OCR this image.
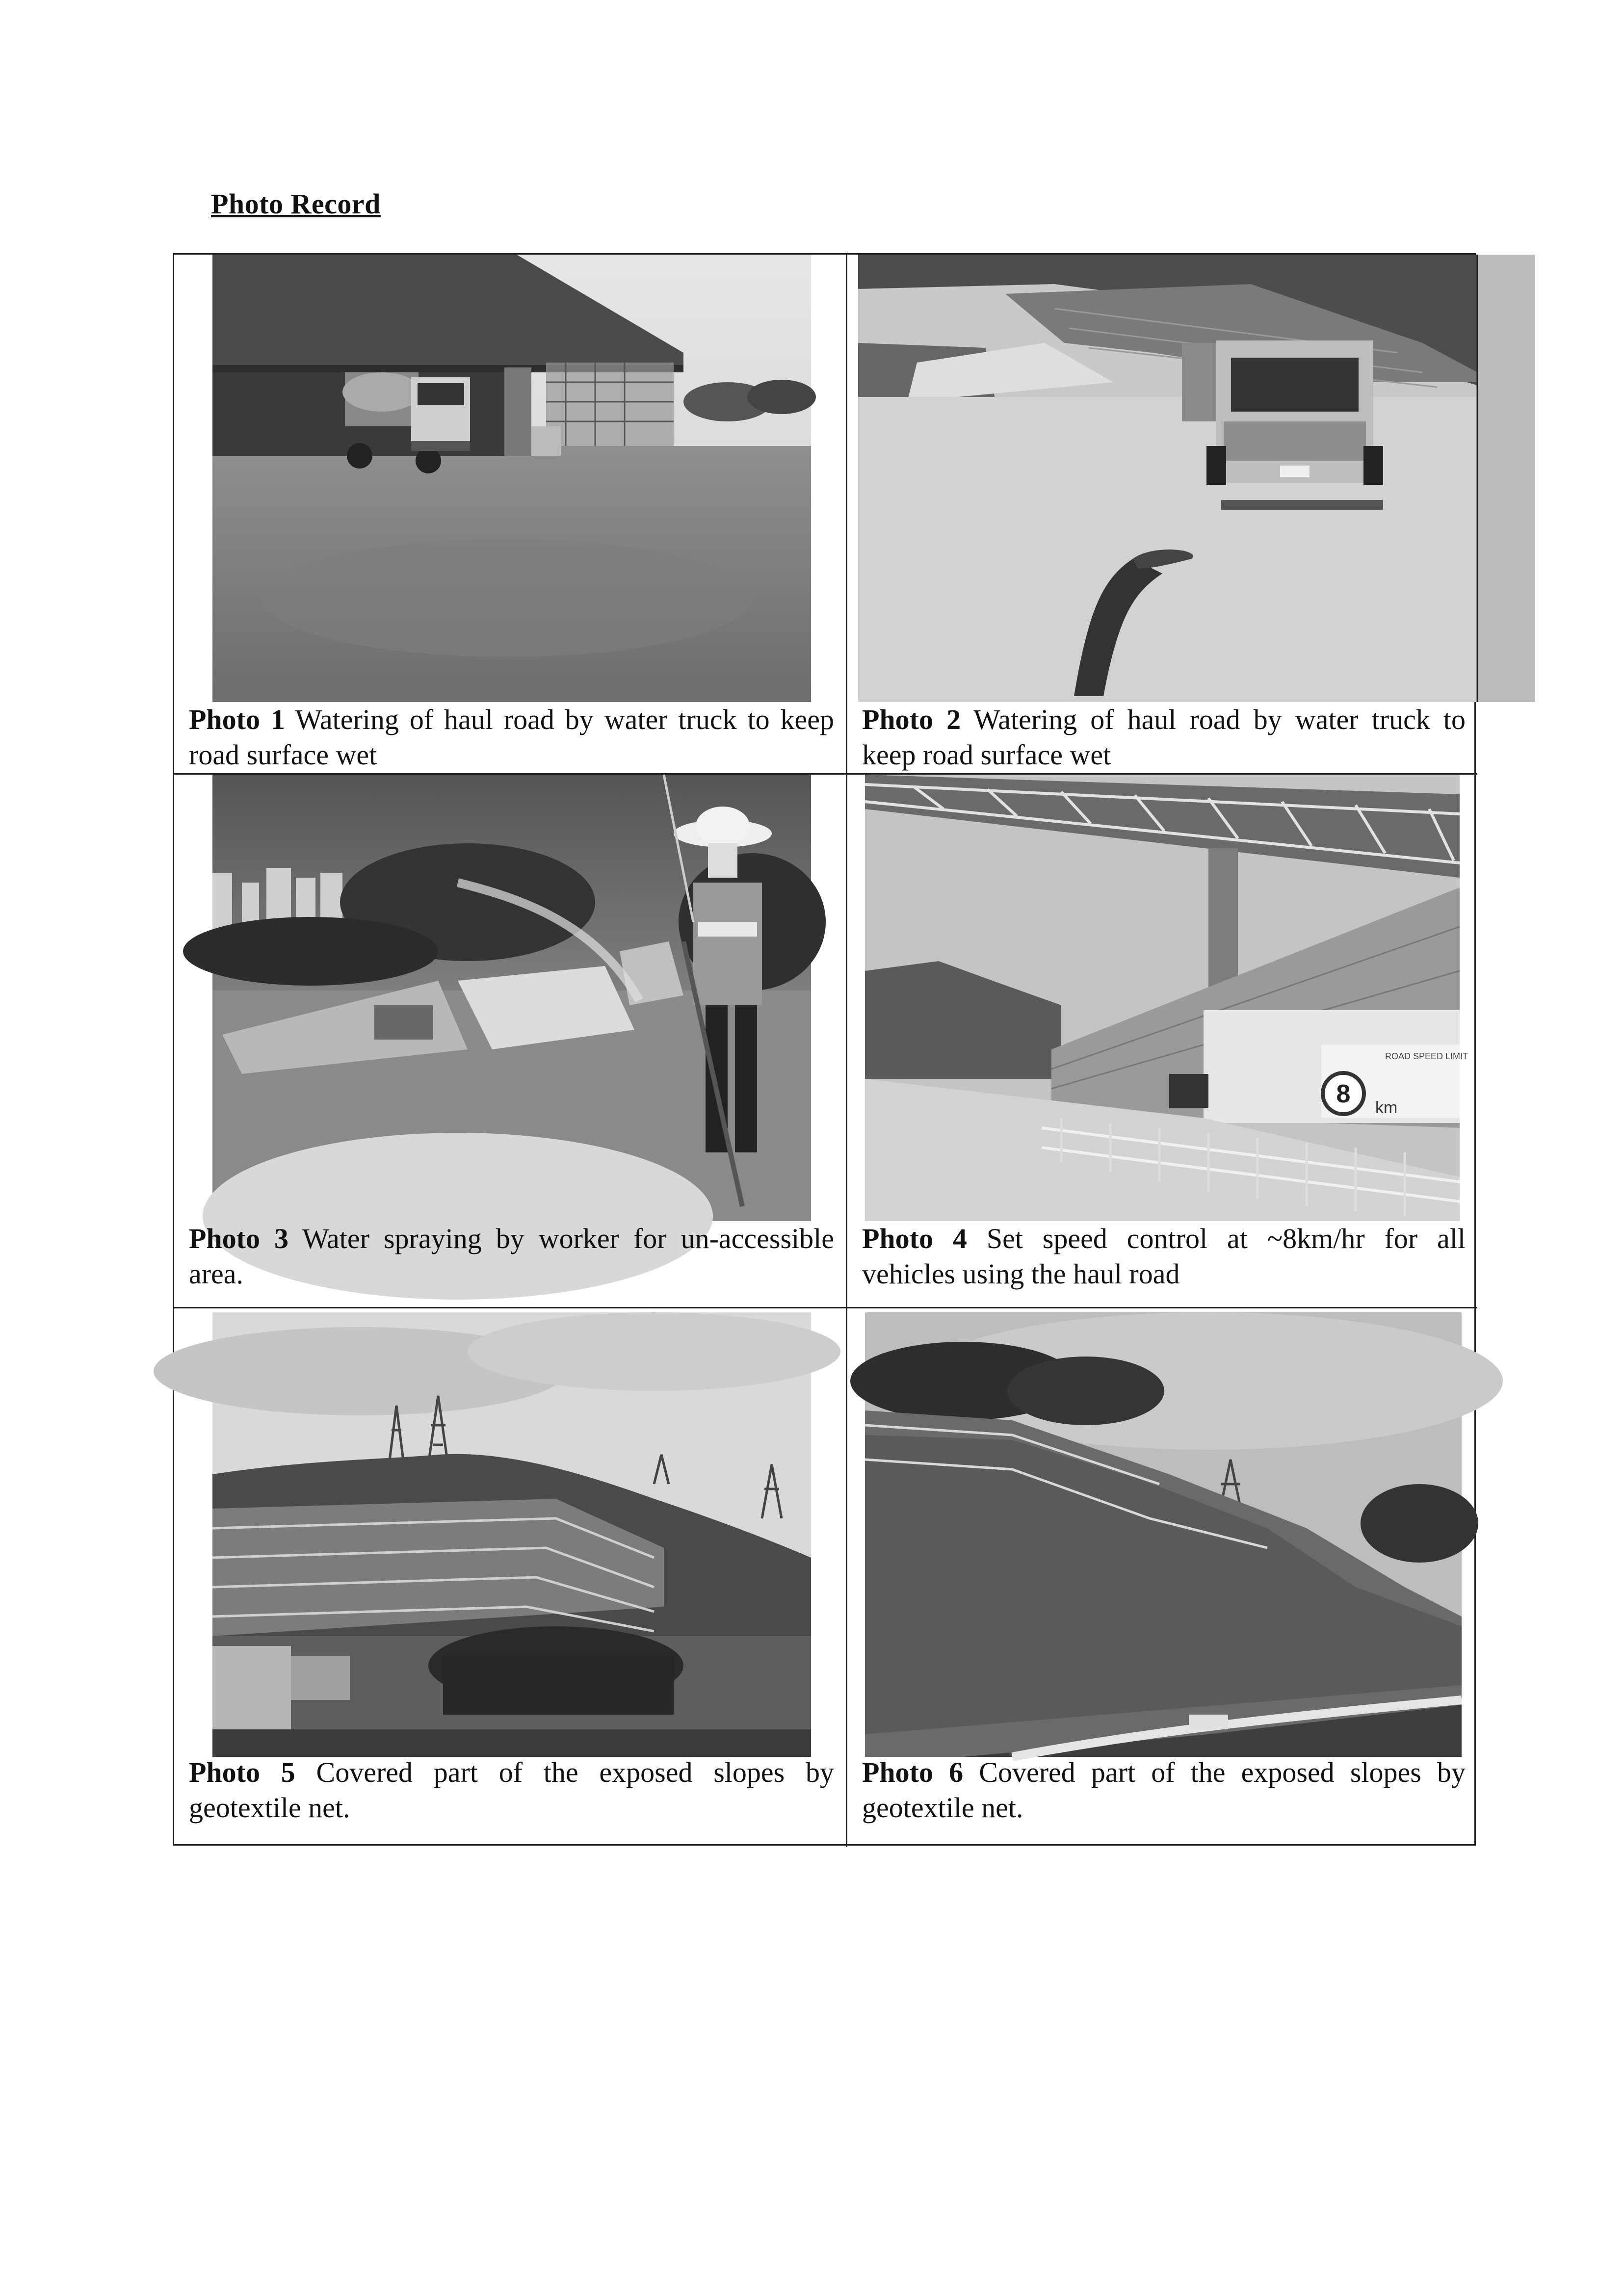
Photo Record
Photo 1 Watering of haul road by water truck to keep road surface wet
Photo 2 Watering of haul road by water truck to keep road surface wet
Photo 3 Water spraying by worker for un-accessible area.
ROAD SPEED LIMIT
8 km
Photo 4 Set speed control at ~8km/hr for all vehicles using the haul road
Photo 5 Covered part of the exposed slopes by geotextile net.
Photo 6 Covered part of the exposed slopes by geotextile net.
